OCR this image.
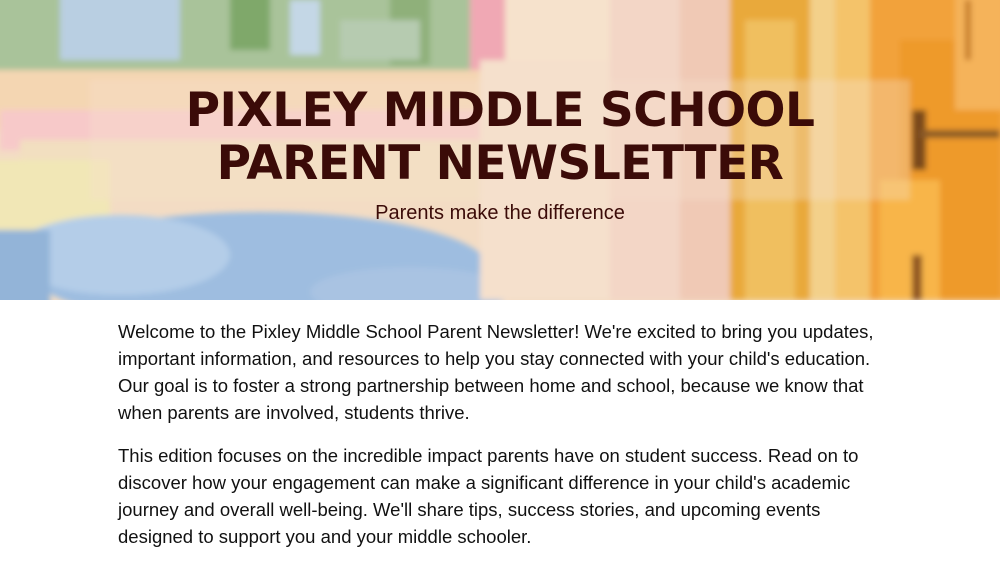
PIXLEY MIDDLE SCHOOL
PARENT NEWSLETTER

Parents make the difference

Welcome to the Pixley Middle School Parent Newsletter! We're excited to bring you updates, important information, and resources to help you stay connected with your child's education. Our goal is to foster a strong partnership between home and school, because we know that when parents are involved, students thrive.

This edition focuses on the incredible impact parents have on student success. Read on to discover how your engagement can make a significant difference in your child's academic journey and overall well-being. We'll share tips, success stories, and upcoming events designed to support you and your middle schooler.
